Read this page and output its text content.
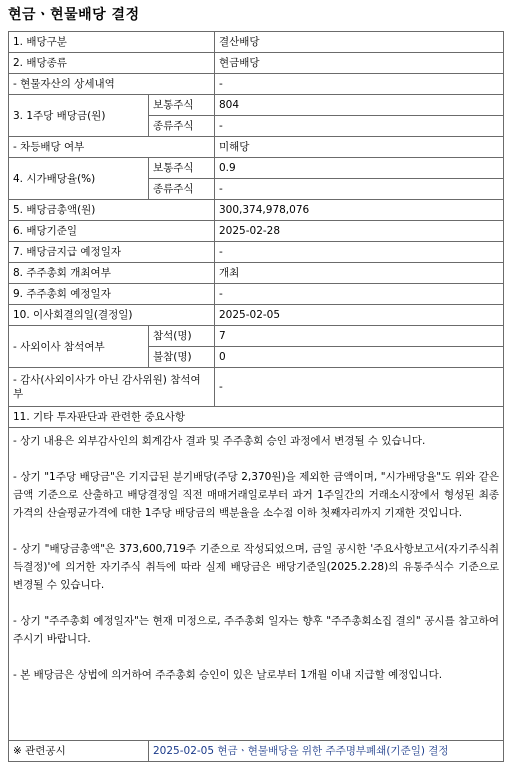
현금ㆍ현물배당 결정
1. 배당구분		결산배당
2. 배당종류		현금배당
- 현물자산의 상세내역		-
3. 1주당 배당금(원)	보통주식	804
	종류주식	-
- 차등배당 여부		미해당
4. 시가배당율(%)	보통주식	0.9
	종류주식	-
5. 배당금총액(원)		300,374,978,076
6. 배당기준일		2025-02-28
7. 배당금지급 예정일자		-
8. 주주총회 개최여부		개최
9. 주주총회 예정일자		-
10. 이사회결의일(결정일)		2025-02-05
- 사외이사 참석여부	참석(명)	7
	불참(명)	0
- 감사(사외이사가 아닌 감사위원) 참석여부		-
11. 기타 투자판단과 관련한 중요사항		

- 상기 내용은 외부감사인의 회계감사 결과 및 주주총회 승인 과정에서 변경될 수 있습니다.

- 상기 "1주당 배당금"은 기지급된 분기배당(주당 2,370원)을 제외한 금액이며, "시가배당율"도 위와 같은 금액 기준으로 산출하고 배당결정일 직전 매매거래일로부터 과거 1주일간의 거래소시장에서 형성된 최종가격의 산술평균가격에 대한 1주당 배당금의 백분율을 소수점 이하 첫째자리까지 기재한 것입니다.

- 상기 "배당금총액"은 373,600,719주 기준으로 작성되었으며, 금일 공시한 '주요사항보고서(자기주식취득결정)'에 의거한 자기주식 취득에 따라 실제 배당금은 배당기준일(2025.2.28)의 유통주식수 기준으로 변경될 수 있습니다.

- 상기 "주주총회 예정일자"는 현재 미정으로, 주주총회 일자는 향후 "주주총회소집 결의" 공시를 참고하여 주시기 바랍니다.

- 본 배당금은 상법에 의거하여 주주총회 승인이 있은 날로부터 1개월 이내 지급할 예정입니다.		

※ 관련공시	2025-02-05 현금ㆍ현물배당을 위한 주주명부폐쇄(기준일) 결정	
